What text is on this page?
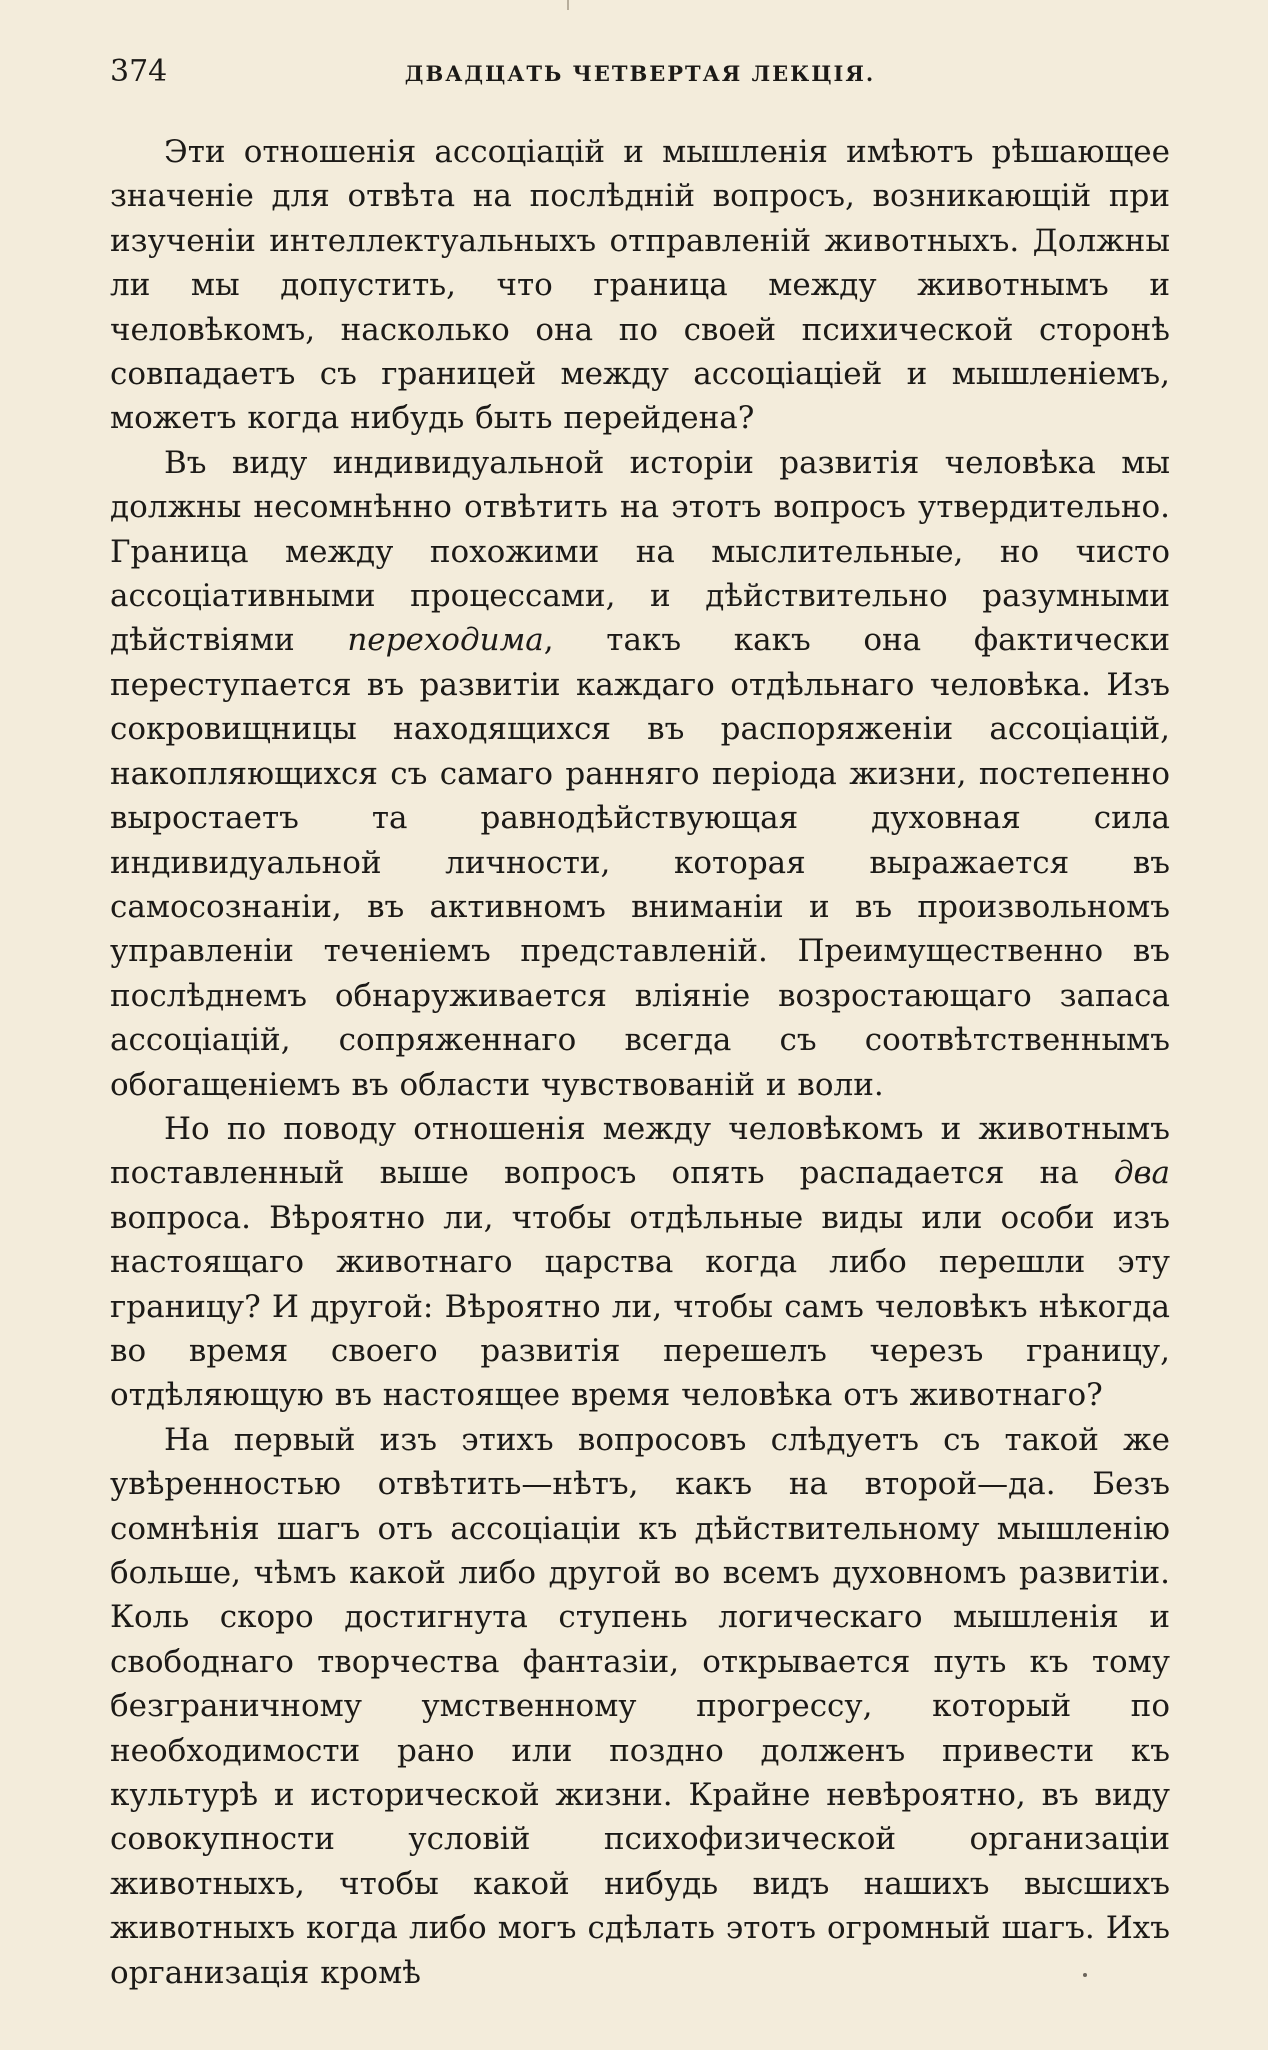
374	ДВАДЦАТЬ ЧЕТВЕРТАЯ ЛЕКЦІЯ.

Эти отношенія ассоціацій и мышленія имѣютъ рѣшающее значеніе для отвѣта на послѣдній вопросъ, возникающій при изученіи интеллектуальныхъ отправленій животныхъ. Должны ли мы допустить, что граница между животнымъ и человѣкомъ, насколько она по своей психической сторонѣ совпадаетъ съ границей между ассоціаціей и мышленіемъ, можетъ когда нибудь быть перейдена?

Въ виду индивидуальной исторіи развитія человѣка мы должны несомнѣнно отвѣтить на этотъ вопросъ утвердительно. Граница между похожими на мыслительные, но чисто ассоціативными процессами, и дѣйствительно разумными дѣйствіями переходима, такъ какъ она фактически переступается въ развитіи каждаго отдѣльнаго человѣка. Изъ сокровищницы находящихся въ распоряженіи ассоціацій, накопляющихся съ самаго ранняго періода жизни, постепенно выростаетъ та равнодѣйствующая духовная сила индивидуальной личности, которая выражается въ самосознаніи, въ активномъ вниманіи и въ произвольномъ управленіи теченіемъ представленій. Преимущественно въ послѣднемъ обнаруживается вліяніе возростающаго запаса ассоціацій, сопряженнаго всегда съ соотвѣтственнымъ обогащеніемъ въ области чувствованій и воли.

Но по поводу отношенія между человѣкомъ и животнымъ поставленный выше вопросъ опять распадается на два вопроса. Вѣроятно ли, чтобы отдѣльные виды или особи изъ настоящаго животнаго царства когда либо перешли эту границу? И другой: Вѣроятно ли, чтобы самъ человѣкъ нѣкогда во время своего развитія перешелъ черезъ границу, отдѣляющую въ настоящее время человѣка отъ животнаго?

На первый изъ этихъ вопросовъ слѣдуетъ съ такой же увѣренностью отвѣтить—нѣтъ, какъ на второй—да. Безъ сомнѣнія шагъ отъ ассоціаціи къ дѣйствительному мышленію больше, чѣмъ какой либо другой во всемъ духовномъ развитіи. Коль скоро достигнута ступень логическаго мышленія и свободнаго творчества фантазіи, открывается путь къ тому безграничному умственному прогрессу, который по необходимости рано или поздно долженъ привести къ культурѣ и исторической жизни. Крайне невѣроятно, въ виду совокупности условій психофизической организаціи животныхъ, чтобы какой нибудь видъ нашихъ высшихъ животныхъ когда либо могъ сдѣлать этотъ огромный шагъ. Ихъ организація кромѣ
